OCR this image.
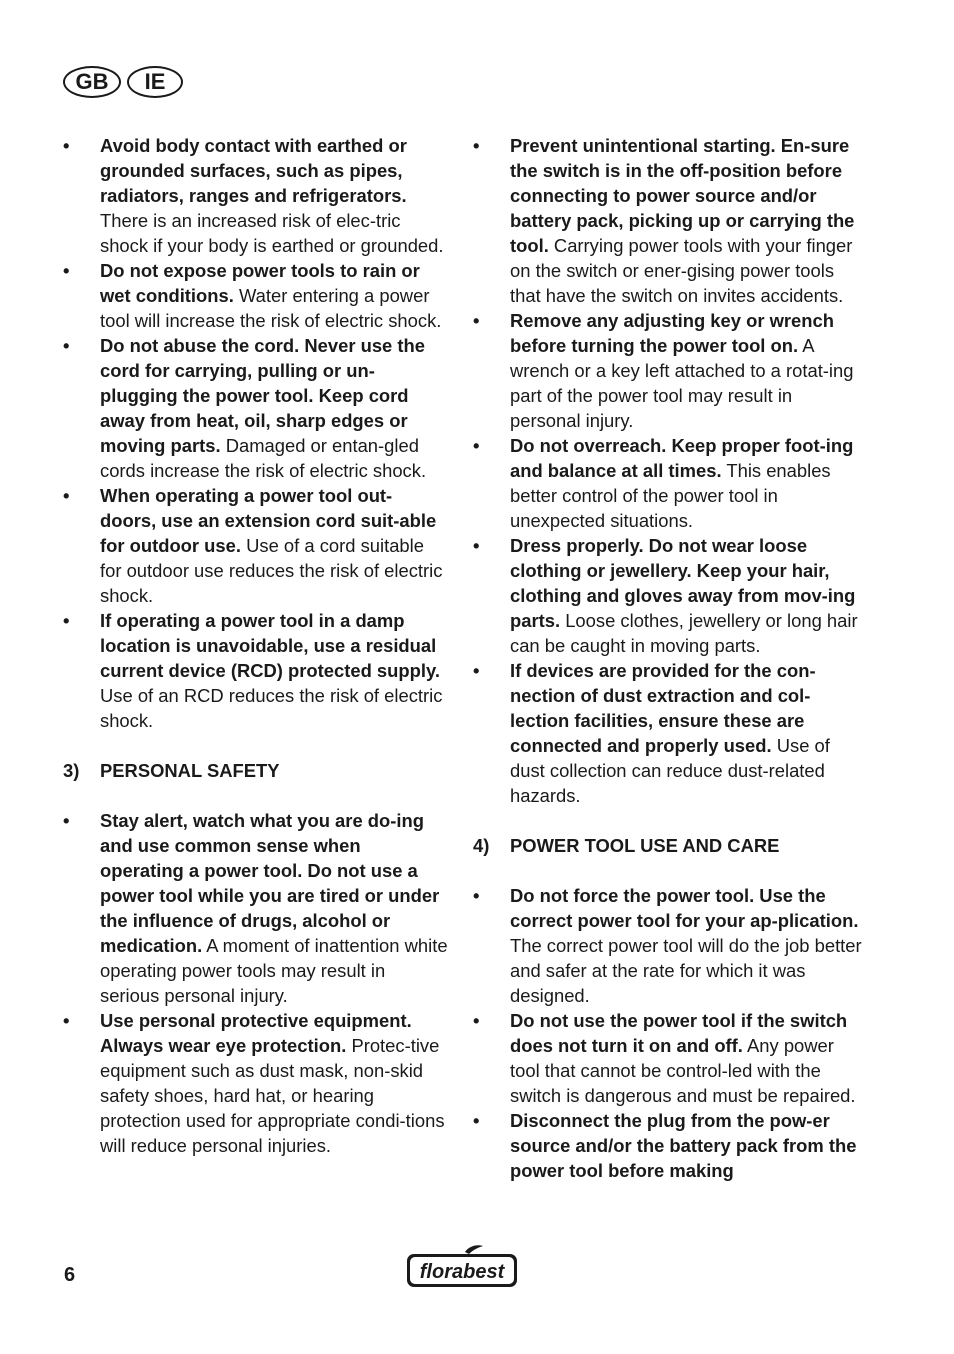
GB	IE
• Avoid body contact with earthed or grounded surfaces, such as pipes, radiators, ranges and refrigerators. There is an increased risk of elec-tric shock if your body is earthed or grounded.
• Do not expose power tools to rain or wet conditions. Water entering a power tool will increase the risk of electric shock.
• Do not abuse the cord. Never use the cord for carrying, pulling or un-plugging the power tool. Keep cord away from heat, oil, sharp edges or moving parts. Damaged or entan-gled cords increase the risk of electric shock.
• When operating a power tool out-doors, use an extension cord suit-able for outdoor use. Use of a cord suitable for outdoor use reduces the risk of electric shock.
• If operating a power tool in a damp location is unavoidable, use a residual current device (RCD) protected supply. Use of an RCD reduces the risk of electric shock.
3) PERSONAL SAFETY
• Stay alert, watch what you are do-ing and use common sense when operating a power tool. Do not use a power tool while you are tired or under the influence of drugs, alcohol or medication. A moment of inattention white operating power tools may result in serious personal injury.
• Use personal protective equipment. Always wear eye protection. Protec-tive equipment such as dust mask, non-skid safety shoes, hard hat, or hearing protection used for appropriate condi-tions will reduce personal injuries.
• Prevent unintentional starting. En-sure the switch is in the off-position before connecting to power source and/or battery pack, picking up or carrying the tool. Carrying power tools with your finger on the switch or ener-gising power tools that have the switch on invites accidents.
• Remove any adjusting key or wrench before turning the power tool on. A wrench or a key left attached to a rotat-ing part of the power tool may result in personal injury.
• Do not overreach. Keep proper foot-ing and balance at all times. This enables better control of the power tool in unexpected situations.
• Dress properly. Do not wear loose clothing or jewellery. Keep your hair, clothing and gloves away from mov-ing parts. Loose clothes, jewellery or long hair can be caught in moving parts.
• If devices are provided for the con-nection of dust extraction and col-lection facilities, ensure these are connected and properly used. Use of dust collection can reduce dust-related hazards.
4) POWER TOOL USE AND CARE
• Do not force the power tool. Use the correct power tool for your ap-plication. The correct power tool will do the job better and safer at the rate for which it was designed.
• Do not use the power tool if the switch does not turn it on and off. Any power tool that cannot be control-led with the switch is dangerous and must be repaired.
• Disconnect the plug from the pow-er source and/or the battery pack from the power tool before making
6	florabest
